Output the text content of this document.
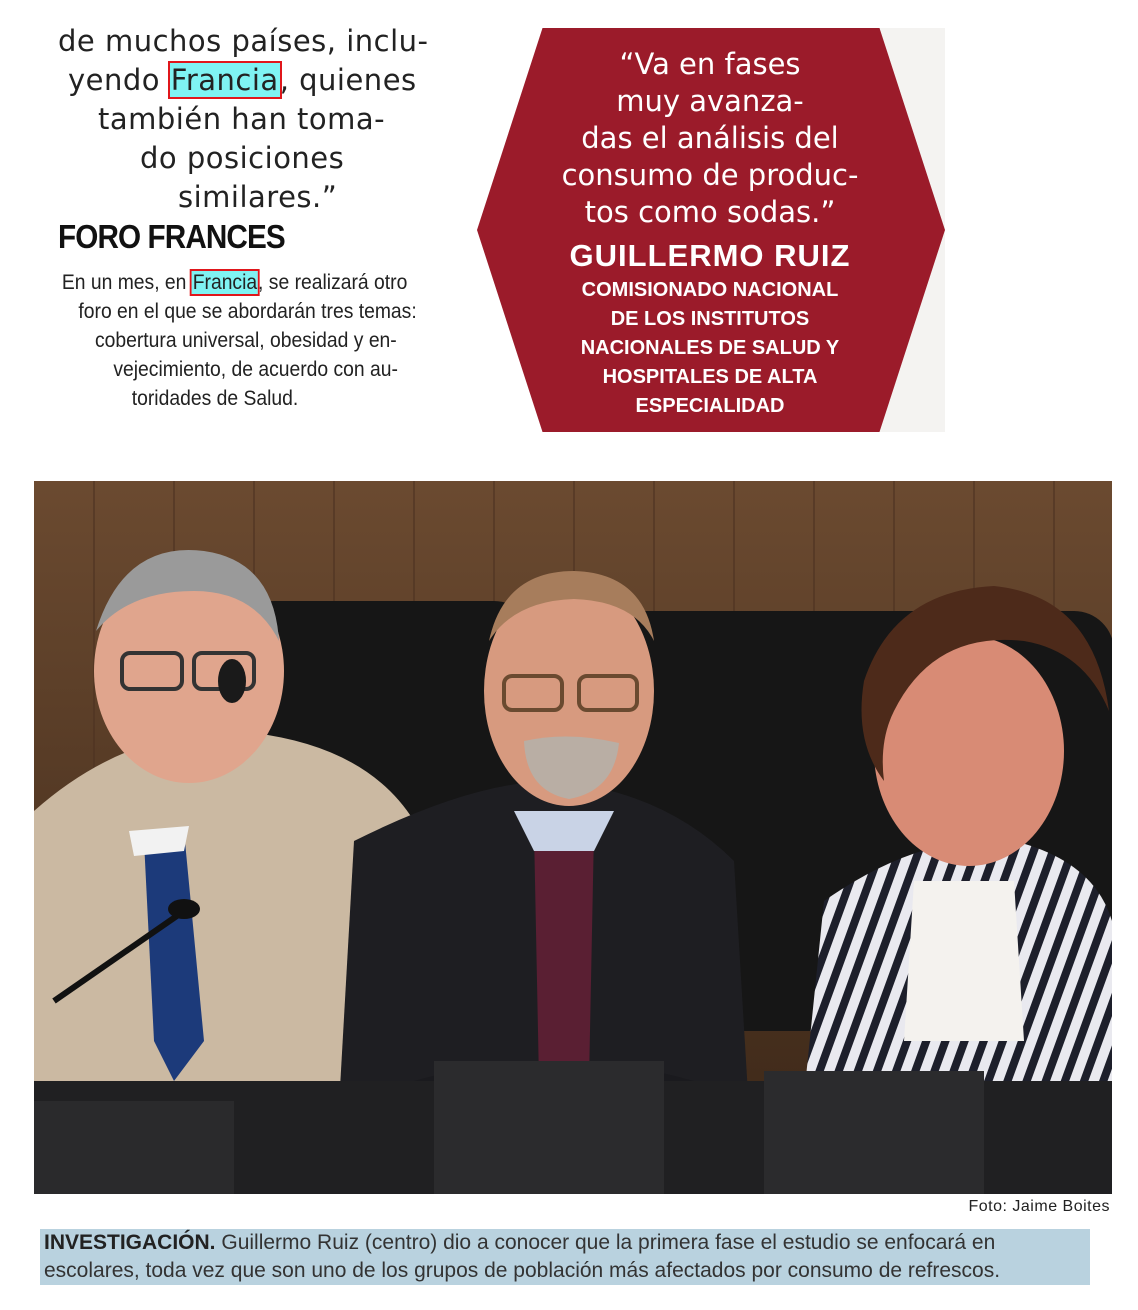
de muchos países, inclu-
yendo Francia, quienes
también han toma-
do posiciones
similares.”
FORO FRANCES
En un mes, en Francia, se realizará otro
foro en el que se abordarán tres temas:
cobertura universal, obesidad y en-
vejecimiento, de acuerdo con au-
toridades de Salud.
“Va en fases
muy avanza-
das el análisis del
consumo de produc-
tos como sodas.”
GUILLERMO RUIZ
COMISIONADO NACIONAL
DE LOS INSTITUTOS
NACIONALES DE SALUD Y
HOSPITALES DE ALTA
ESPECIALIDAD
Foto: Jaime Boites
INVESTIGACIÓN. Guillermo Ruiz (centro) dio a conocer que la primera fase el estudio se enfocará en
escolares, toda vez que son uno de los grupos de población más afectados por consumo de refrescos.
